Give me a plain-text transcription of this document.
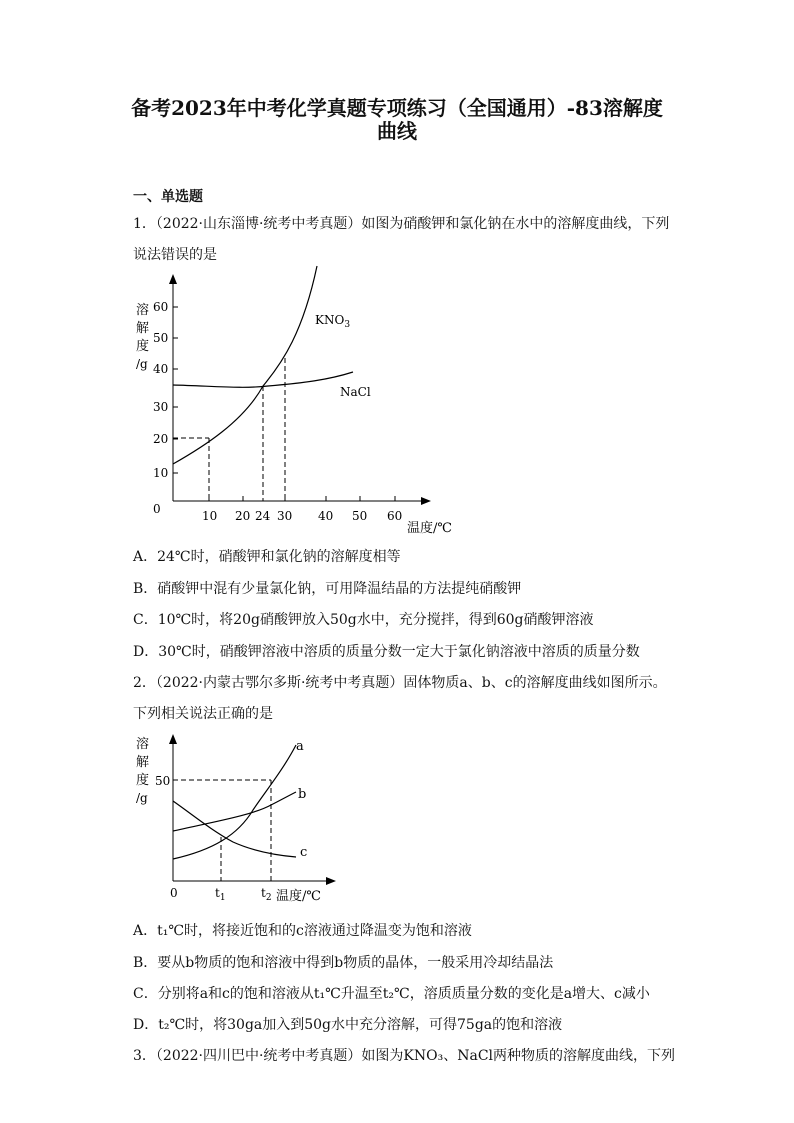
备考2023年中考化学真题专项练习（全国通用）-83溶解度
曲线
一、单选题
1．（2022·山东淄博·统考中考真题）如图为硝酸钾和氯化钠在水中的溶解度曲线，下列
说法错误的是
溶
解
度
/g
0
10
20
30
40
50
60
10 20 24 30 40 50 60
温度/℃
$KNO_3$
NaCl
A．24℃时，硝酸钾和氯化钠的溶解度相等
B．硝酸钾中混有少量氯化钠，可用降温结晶的方法提纯硝酸钾
C．10℃时，将20g硝酸钾放入50g水中，充分搅拌，得到60g硝酸钾溶液
D．30℃时，硝酸钾溶液中溶质的质量分数一定大于氯化钠溶液中溶质的质量分数
2．（2022·内蒙古鄂尔多斯·统考中考真题）固体物质a、b、c的溶解度曲线如图所示。
下列相关说法正确的是
溶
解
度
/g
50
0	$t_1$	$t_2$ 温度/℃
a
b
c
A．t₁℃时，将接近饱和的c溶液通过降温变为饱和溶液
B．要从b物质的饱和溶液中得到b物质的晶体，一般采用冷却结晶法
C．分别将a和c的饱和溶液从t₁℃升温至t₂℃，溶质质量分数的变化是a增大、c减小
D．t₂℃时，将30ga加入到50g水中充分溶解，可得75ga的饱和溶液
3．（2022·四川巴中·统考中考真题）如图为KNO₃、NaCl两种物质的溶解度曲线，下列
